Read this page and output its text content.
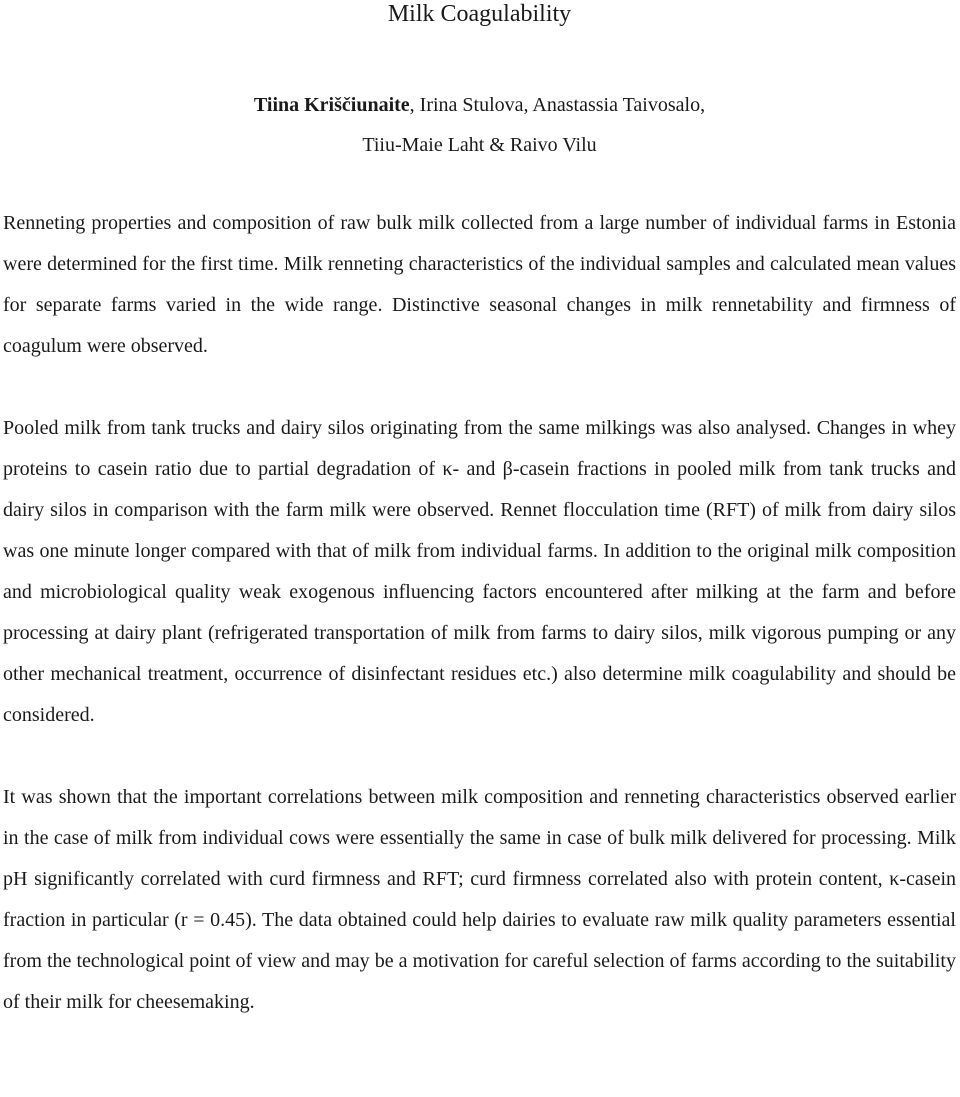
Milk Coagulability
Tiina Kriščiunaite, Irina Stulova, Anastassia Taivosalo,
Tiiu-Maie Laht & Raivo Vilu

Renneting properties and composition of raw bulk milk collected from a large number of individual farms in Estonia were determined for the first time. Milk renneting characteristics of the individual samples and calculated mean values for separate farms varied in the wide range. Distinctive seasonal changes in milk rennetability and firmness of coagulum were observed.

Pooled milk from tank trucks and dairy silos originating from the same milkings was also analysed. Changes in whey proteins to casein ratio due to partial degradation of κ- and β-casein fractions in pooled milk from tank trucks and dairy silos in comparison with the farm milk were observed. Rennet flocculation time (RFT) of milk from dairy silos was one minute longer compared with that of milk from individual farms. In addition to the original milk composition and microbiological quality weak exogenous influencing factors encountered after milking at the farm and before processing at dairy plant (refrigerated transportation of milk from farms to dairy silos, milk vigorous pumping or any other mechanical treatment, occurrence of disinfectant residues etc.) also determine milk coagulability and should be considered.

It was shown that the important correlations between milk composition and renneting characteristics observed earlier in the case of milk from individual cows were essentially the same in case of bulk milk delivered for processing. Milk pH significantly correlated with curd firmness and RFT; curd firmness correlated also with protein content, κ-casein fraction in particular (r = 0.45). The data obtained could help dairies to evaluate raw milk quality parameters essential from the technological point of view and may be a motivation for careful selection of farms according to the suitability of their milk for cheesemaking.
